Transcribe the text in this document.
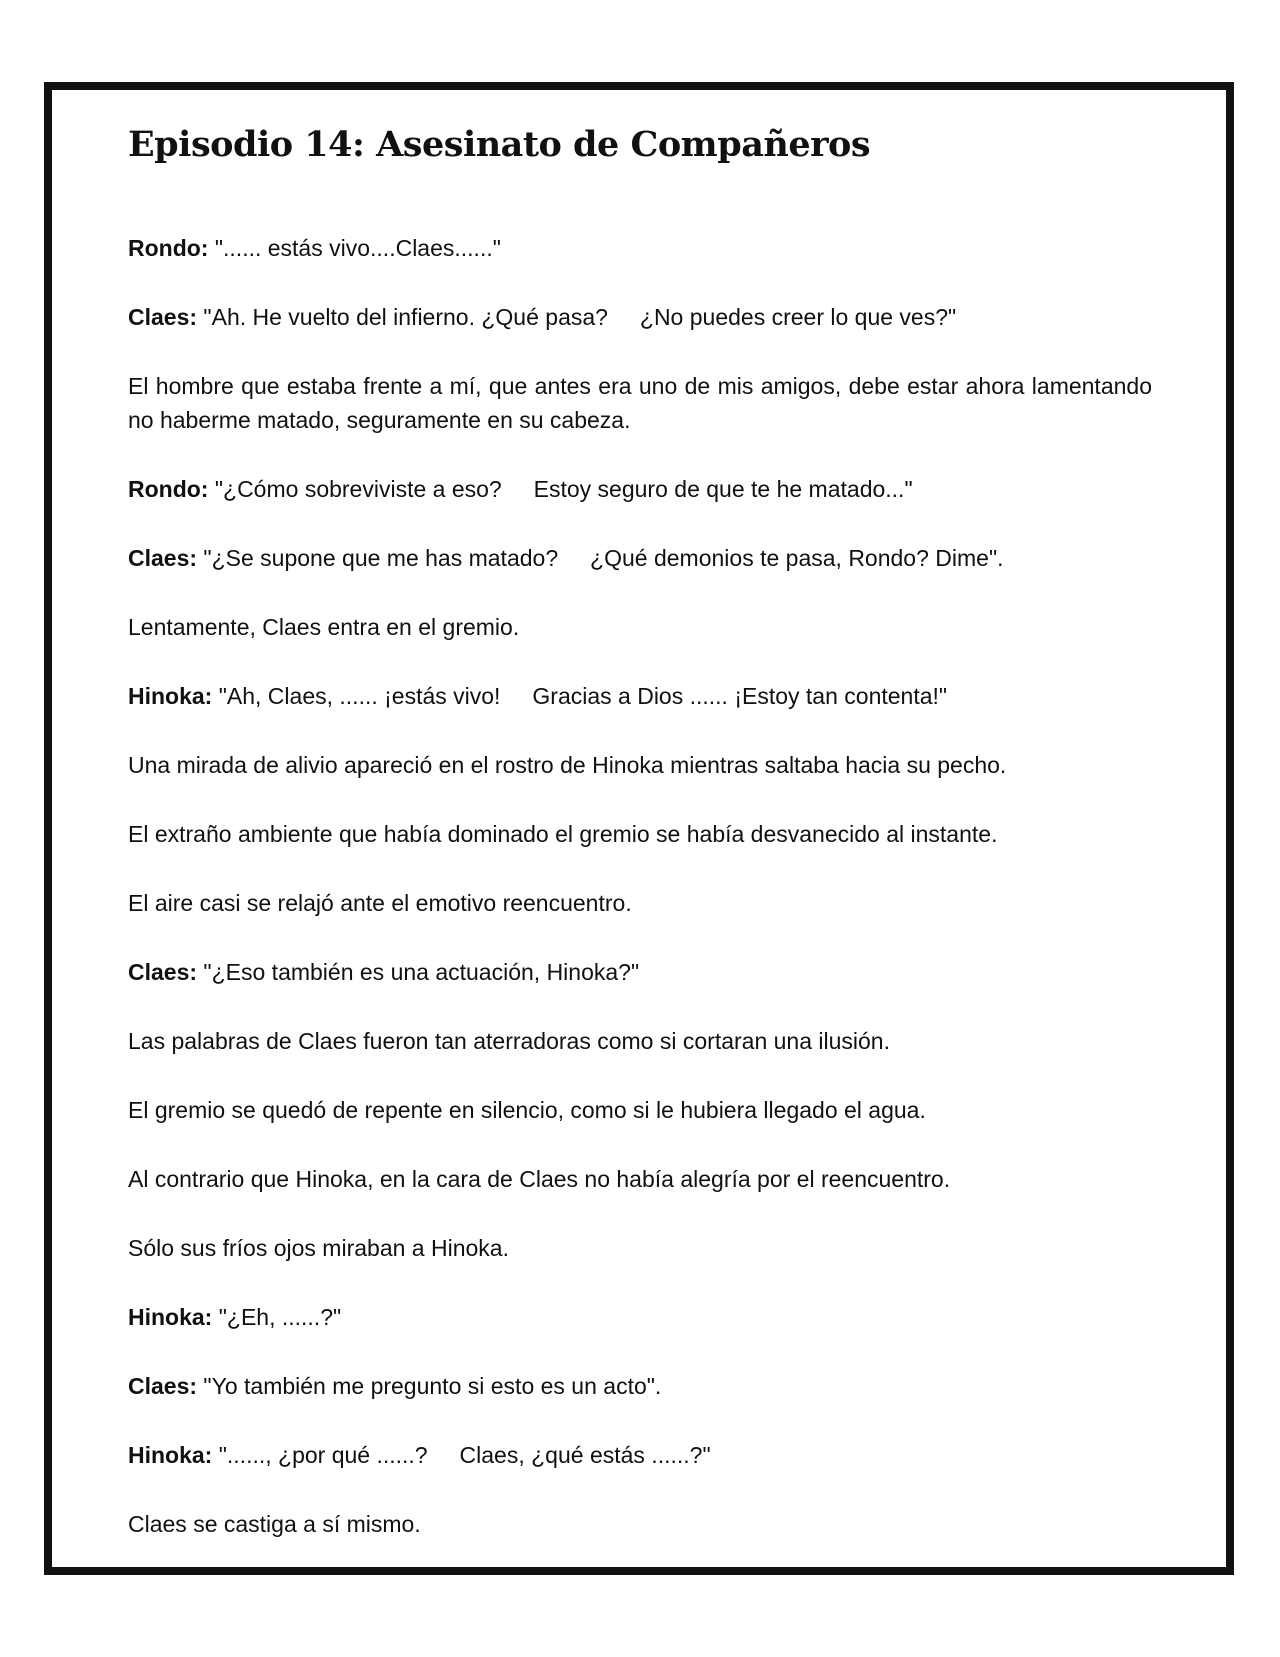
Episodio 14: Asesinato de Compañeros

Rondo: "...... estás vivo....Claes......"

Claes: "Ah. He vuelto del infierno. ¿Qué pasa?     ¿No puedes creer lo que ves?"

El hombre que estaba frente a mí, que antes era uno de mis amigos, debe estar ahora lamentando no haberme matado, seguramente en su cabeza.

Rondo: "¿Cómo sobreviviste a eso?     Estoy seguro de que te he matado..."

Claes: "¿Se supone que me has matado?     ¿Qué demonios te pasa, Rondo? Dime".

Lentamente, Claes entra en el gremio.

Hinoka: "Ah, Claes, ...... ¡estás vivo!     Gracias a Dios ...... ¡Estoy tan contenta!"

Una mirada de alivio apareció en el rostro de Hinoka mientras saltaba hacia su pecho.

El extraño ambiente que había dominado el gremio se había desvanecido al instante.

El aire casi se relajó ante el emotivo reencuentro.

Claes: "¿Eso también es una actuación, Hinoka?"

Las palabras de Claes fueron tan aterradoras como si cortaran una ilusión.

El gremio se quedó de repente en silencio, como si le hubiera llegado el agua.

Al contrario que Hinoka, en la cara de Claes no había alegría por el reencuentro.

Sólo sus fríos ojos miraban a Hinoka.

Hinoka: "¿Eh, ......?"

Claes: "Yo también me pregunto si esto es un acto".

Hinoka: "......, ¿por qué ......?     Claes, ¿qué estás ......?"

Claes se castiga a sí mismo.
